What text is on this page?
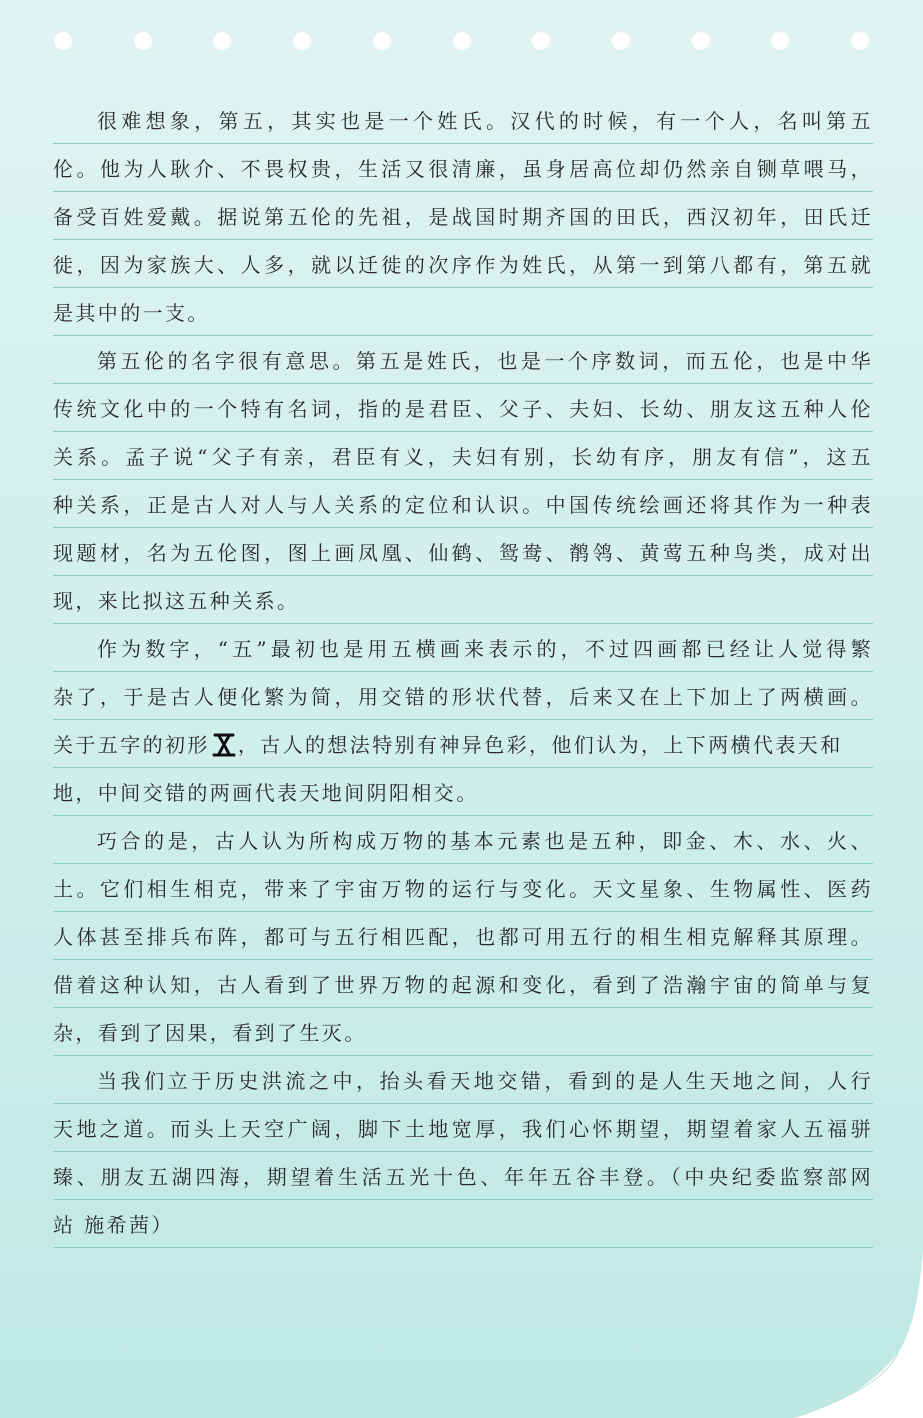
很难想象，第五，其实也是一个姓氏。汉代的时候，有一个人，名叫第五
伦。他为人耿介、不畏权贵，生活又很清廉，虽身居高位却仍然亲自铡草喂马，
备受百姓爱戴。据说第五伦的先祖，是战国时期齐国的田氏，西汉初年，田氏迁
徙，因为家族大、人多，就以迁徙的次序作为姓氏，从第一到第八都有，第五就
是其中的一支。
第五伦的名字很有意思。第五是姓氏，也是一个序数词，而五伦，也是中华
传统文化中的一个特有名词，指的是君臣、父子、夫妇、长幼、朋友这五种人伦
关系。孟子说“父子有亲，君臣有义，夫妇有别，长幼有序，朋友有信”，这五
种关系，正是古人对人与人关系的定位和认识。中国传统绘画还将其作为一种表
现题材，名为五伦图，图上画凤凰、仙鹤、鸳鸯、鹡鸰、黄莺五种鸟类，成对出
现，来比拟这五种关系。
作为数字，“五”最初也是用五横画来表示的，不过四画都已经让人觉得繁
杂了，于是古人便化繁为简，用交错的形状代替，后来又在上下加上了两横画。
关于五字的初形 ，古人的想法特别有神异色彩，他们认为，上下两横代表天和
地，中间交错的两画代表天地间阴阳相交。
巧合的是，古人认为所构成万物的基本元素也是五种，即金、木、水、火、
土。它们相生相克，带来了宇宙万物的运行与变化。天文星象、生物属性、医药
人体甚至排兵布阵，都可与五行相匹配，也都可用五行的相生相克解释其原理。
借着这种认知，古人看到了世界万物的起源和变化，看到了浩瀚宇宙的简单与复
杂，看到了因果，看到了生灭。
当我们立于历史洪流之中，抬头看天地交错，看到的是人生天地之间，人行
天地之道。而头上天空广阔，脚下土地宽厚，我们心怀期望，期望着家人五福骈
臻、朋友五湖四海，期望着生活五光十色、年年五谷丰登。（中央纪委监察部网
站 施希茜）
